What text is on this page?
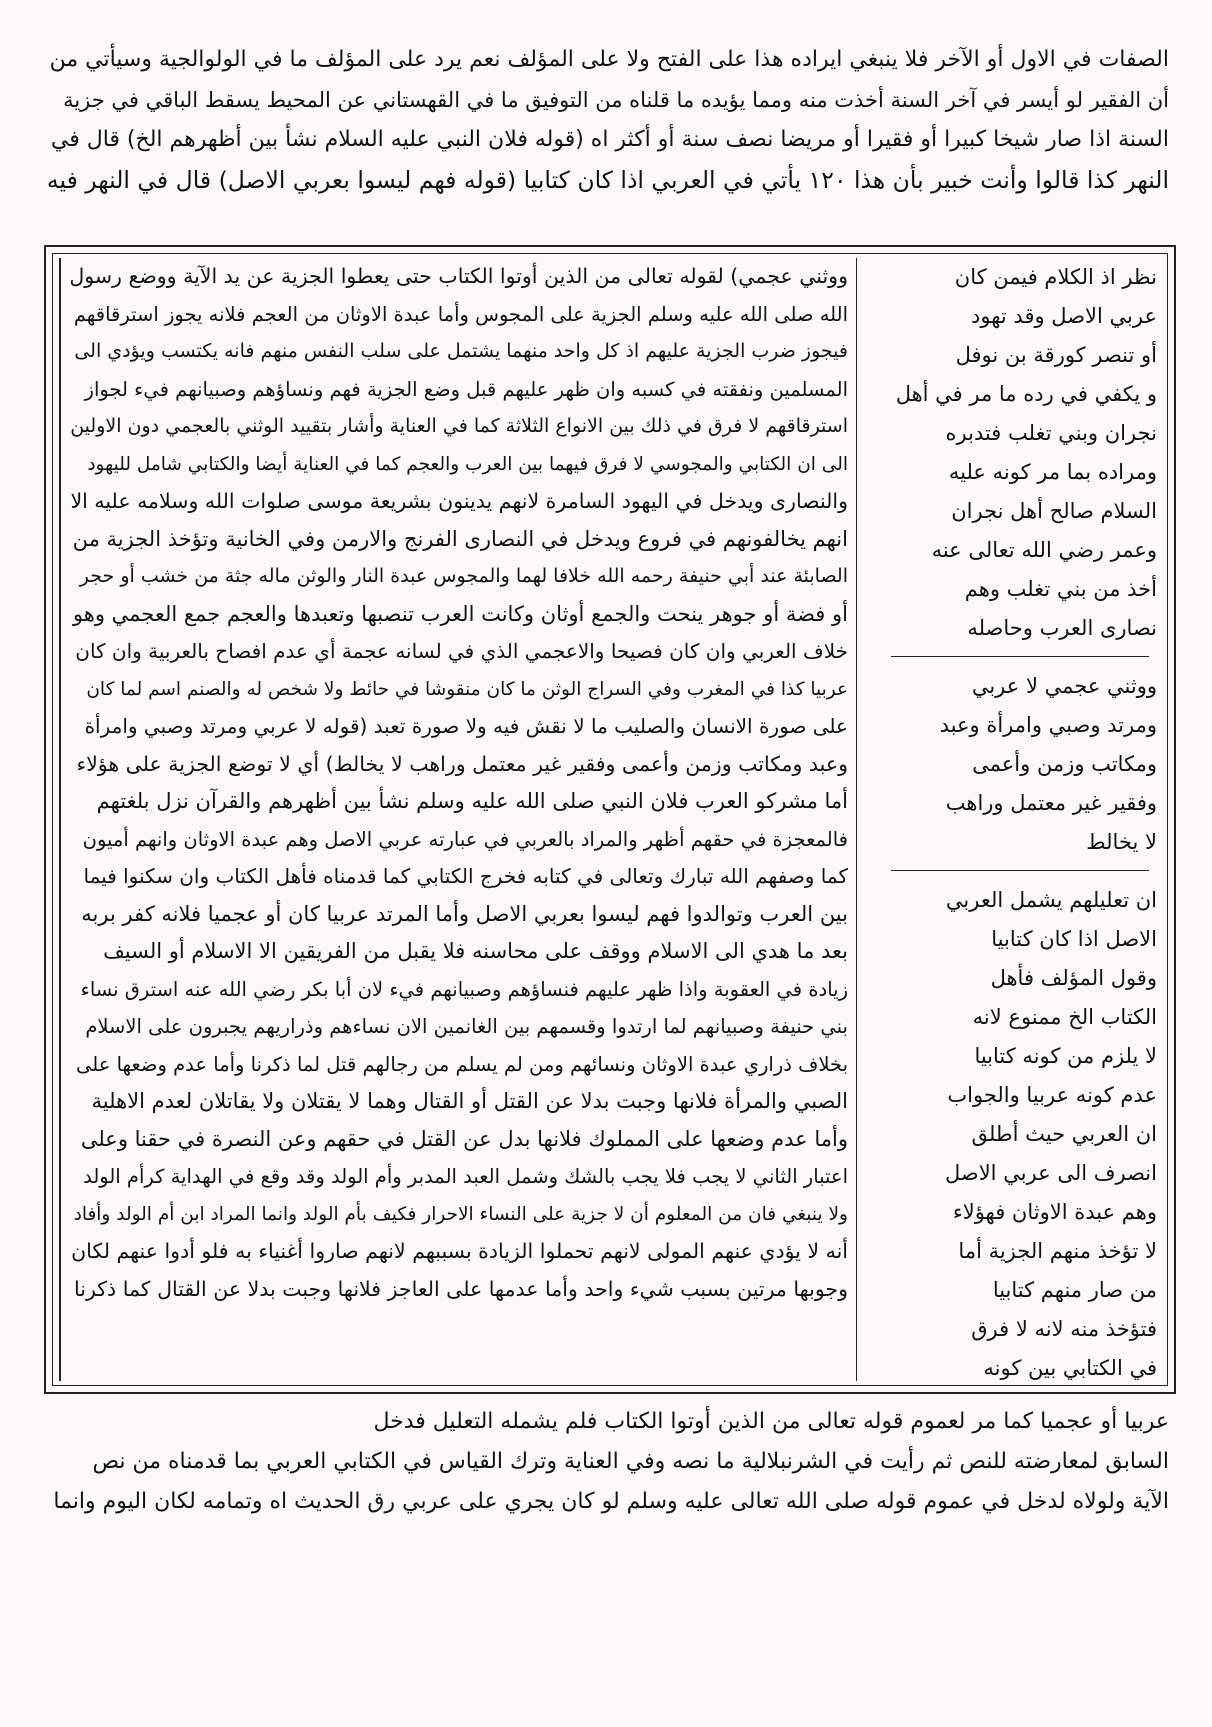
الصفات في الاول أو الآخر فلا ينبغي ايراده هذا على الفتح ولا على المؤلف نعم يرد على المؤلف ما في الولوالجية وسيأتي من
أن الفقير لو أيسر في آخر السنة أخذت منه ومما يؤيده ما قلناه من التوفيق ما في القهستاني عن المحيط يسقط الباقي في جزية
السنة اذا صار شيخا كبيرا أو فقيرا أو مريضا نصف سنة أو أكثر اه (قوله فلان النبي عليه السلام نشأ بين أظهرهم الخ) قال في
النهر كذا قالوا وأنت خبير بأن هذا ١٢٠ يأتي في العربي اذا كان كتابيا (قوله فهم ليسوا بعربي الاصل) قال في النهر فيه
ووثني عجمي) لقوله تعالى من الذين أوتوا الكتاب حتى يعطوا الجزية عن يد الآية ووضع رسول
الله صلى الله عليه وسلم الجزية على المجوس وأما عبدة الاوثان من العجم فلانه يجوز استرقاقهم
فيجوز ضرب الجزية عليهم اذ كل واحد منهما يشتمل على سلب النفس منهم فانه يكتسب ويؤدي الى
المسلمين ونفقته في كسبه وان ظهر عليهم قبل وضع الجزية فهم ونساؤهم وصبيانهم فيء لجواز
استرقاقهم لا فرق في ذلك بين الانواع الثلاثة كما في العناية وأشار بتقييد الوثني بالعجمي دون الاولين
الى ان الكتابي والمجوسي لا فرق فيهما بين العرب والعجم كما في العناية أيضا والكتابي شامل لليهود
والنصارى ويدخل في اليهود السامرة لانهم يدينون بشريعة موسى صلوات الله وسلامه عليه الا
انهم يخالفونهم في فروع ويدخل في النصارى الفرنج والارمن وفي الخانية وتؤخذ الجزية من
الصابئة عند أبي حنيفة رحمه الله خلافا لهما والمجوس عبدة النار والوثن ماله جثة من خشب أو حجر
أو فضة أو جوهر ينحت والجمع أوثان وكانت العرب تنصبها وتعبدها والعجم جمع العجمي وهو
خلاف العربي وان كان فصيحا والاعجمي الذي في لسانه عجمة أي عدم افصاح بالعربية وان كان
عربيا كذا في المغرب وفي السراج الوثن ما كان منقوشا في حائط ولا شخص له والصنم اسم لما كان
على صورة الانسان والصليب ما لا نقش فيه ولا صورة تعبد (قوله لا عربي ومرتد وصبي وامرأة
وعبد ومكاتب وزمن وأعمى وفقير غير معتمل وراهب لا يخالط) أي لا توضع الجزية على هؤلاء
أما مشركو العرب فلان النبي صلى الله عليه وسلم نشأ بين أظهرهم والقرآن نزل بلغتهم
فالمعجزة في حقهم أظهر والمراد بالعربي في عبارته عربي الاصل وهم عبدة الاوثان وانهم أميون
كما وصفهم الله تبارك وتعالى في كتابه فخرج الكتابي كما قدمناه فأهل الكتاب وان سكنوا فيما
بين العرب وتوالدوا فهم ليسوا بعربي الاصل وأما المرتد عربيا كان أو عجميا فلانه كفر بربه
بعد ما هدي الى الاسلام ووقف على محاسنه فلا يقبل من الفريقين الا الاسلام أو السيف
زيادة في العقوبة واذا ظهر عليهم فنساؤهم وصبيانهم فيء لان أبا بكر رضي الله عنه استرق نساء
بني حنيفة وصبيانهم لما ارتدوا وقسمهم بين الغانمين الان نساءهم وذراريهم يجبرون على الاسلام
بخلاف ذراري عبدة الاوثان ونسائهم ومن لم يسلم من رجالهم قتل لما ذكرنا وأما عدم وضعها على
الصبي والمرأة فلانها وجبت بدلا عن القتل أو القتال وهما لا يقتلان ولا يقاتلان لعدم الاهلية
وأما عدم وضعها على المملوك فلانها بدل عن القتل في حقهم وعن النصرة في حقنا وعلى
اعتبار الثاني لا يجب فلا يجب بالشك وشمل العبد المدبر وأم الولد وقد وقع في الهداية كرأم الولد
ولا ينبغي فان من المعلوم أن لا جزية على النساء الاحرار فكيف بأم الولد وانما المراد ابن أم الولد وأفاد
أنه لا يؤدي عنهم المولى لانهم تحملوا الزيادة بسببهم لانهم صاروا أغنياء به فلو أدوا عنهم لكان
وجوبها مرتين بسبب شيء واحد وأما عدمها على العاجز فلانها وجبت بدلا عن القتال كما ذكرنا
نظر اذ الكلام فيمن كان
عربي الاصل وقد تهود
أو تنصر كورقة بن نوفل
و يكفي في رده ما مر في أهل
نجران وبني تغلب فتدبره
ومراده بما مر كونه عليه
السلام صالح أهل نجران
وعمر رضي الله تعالى عنه
أخذ من بني تغلب وهم
نصارى العرب وحاصله
ووثني عجمي لا عربي
ومرتد وصبي وامرأة وعبد
ومكاتب وزمن وأعمى
وفقير غير معتمل وراهب
لا يخالط
ان تعليلهم يشمل العربي
الاصل اذا كان كتابيا
وقول المؤلف فأهل
الكتاب الخ ممنوع لانه
لا يلزم من كونه كتابيا
عدم كونه عربيا والجواب
ان العربي حيث أطلق
انصرف الى عربي الاصل
وهم عبدة الاوثان فهؤلاء
لا تؤخذ منهم الجزية أما
من صار منهم كتابيا
فتؤخذ منه لانه لا فرق
في الكتابي بين كونه
عربيا أو عجميا كما مر لعموم قوله تعالى من الذين أوتوا الكتاب فلم يشمله التعليل فدخل
السابق لمعارضته للنص ثم رأيت في الشرنبلالية ما نصه وفي العناية وترك القياس في الكتابي العربي بما قدمناه من نص
الآية ولولاه لدخل في عموم قوله صلى الله تعالى عليه وسلم لو كان يجري على عربي رق الحديث اه وتمامه لكان اليوم وانما
